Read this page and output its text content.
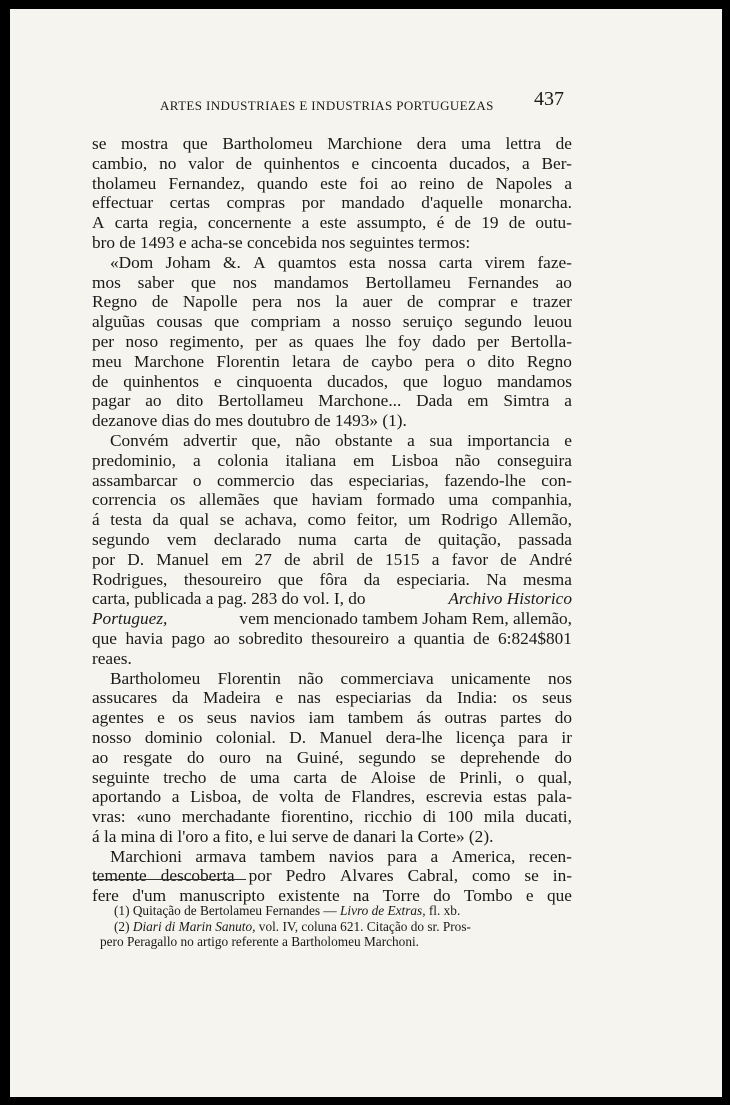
ARTES INDUSTRIAES E INDUSTRIAS PORTUGUEZAS	437
se mostra que Bartholomeu Marchione dera uma lettra de
cambio, no valor de quinhentos e cincoenta ducados, a Ber-
tholameu Fernandez, quando este foi ao reino de Napoles a
effectuar certas compras por mandado d'aquelle monarcha.
A carta regia, concernente a este assumpto, é de 19 de outu-
bro de 1493 e acha-se concebida nos seguintes termos:
«Dom Joham &. A quamtos esta nossa carta virem faze-
mos saber que nos mandamos Bertollameu Fernandes ao
Regno de Napolle pera nos la auer de comprar e trazer
alguũas cousas que compriam a nosso seruiço segundo leuou
per noso regimento, per as quaes lhe foy dado per Bertolla-
meu Marchone Florentin letara de caybo pera o dito Regno
de quinhentos e cinquoenta ducados, que loguo mandamos
pagar ao dito Bertollameu Marchone... Dada em Simtra a
dezanove dias do mes doutubro de 1493» (1).
Convém advertir que, não obstante a sua importancia e
predominio, a colonia italiana em Lisboa não conseguira
assambarcar o commercio das especiarias, fazendo-lhe con-
correncia os allemães que haviam formado uma companhia,
á testa da qual se achava, como feitor, um Rodrigo Allemão,
segundo vem declarado numa carta de quitação, passada
por D. Manuel em 27 de abril de 1515 a favor de André
Rodrigues, thesoureiro que fôra da especiaria. Na mesma
carta, publicada a pag. 283 do vol. I, do	Archivo Historico
Portuguez,	vem mencionado tambem Joham Rem, allemão,
que havia pago ao sobredito thesoureiro a quantia de 6:824$801
reaes.
Bartholomeu Florentin não commerciava unicamente nos
assucares da Madeira e nas especiarias da India: os seus
agentes e os seus navios iam tambem ás outras partes do
nosso dominio colonial. D. Manuel dera-lhe licença para ir
ao resgate do ouro na Guiné, segundo se deprehende do
seguinte trecho de uma carta de Aloise de Prinli, o qual,
aportando a Lisboa, de volta de Flandres, escrevia estas pala-
vras: «uno merchadante fiorentino, ricchio di 100 mila ducati,
á la mina di l'oro a fito, e lui serve de danari la Corte» (2).
Marchioni armava tambem navios para a America, recen-
temente descoberta por Pedro Alvares Cabral, como se in-
fere d'um manuscripto existente na Torre do Tombo e que
(1) Quitação de Bertolameu Fernandes — Livro de Extras, fl. xb.
(2) Diari di Marin Sanuto, vol. IV, coluna 621. Citação do sr. Pros-
pero Peragallo no artigo referente a Bartholomeu Marchoni.
